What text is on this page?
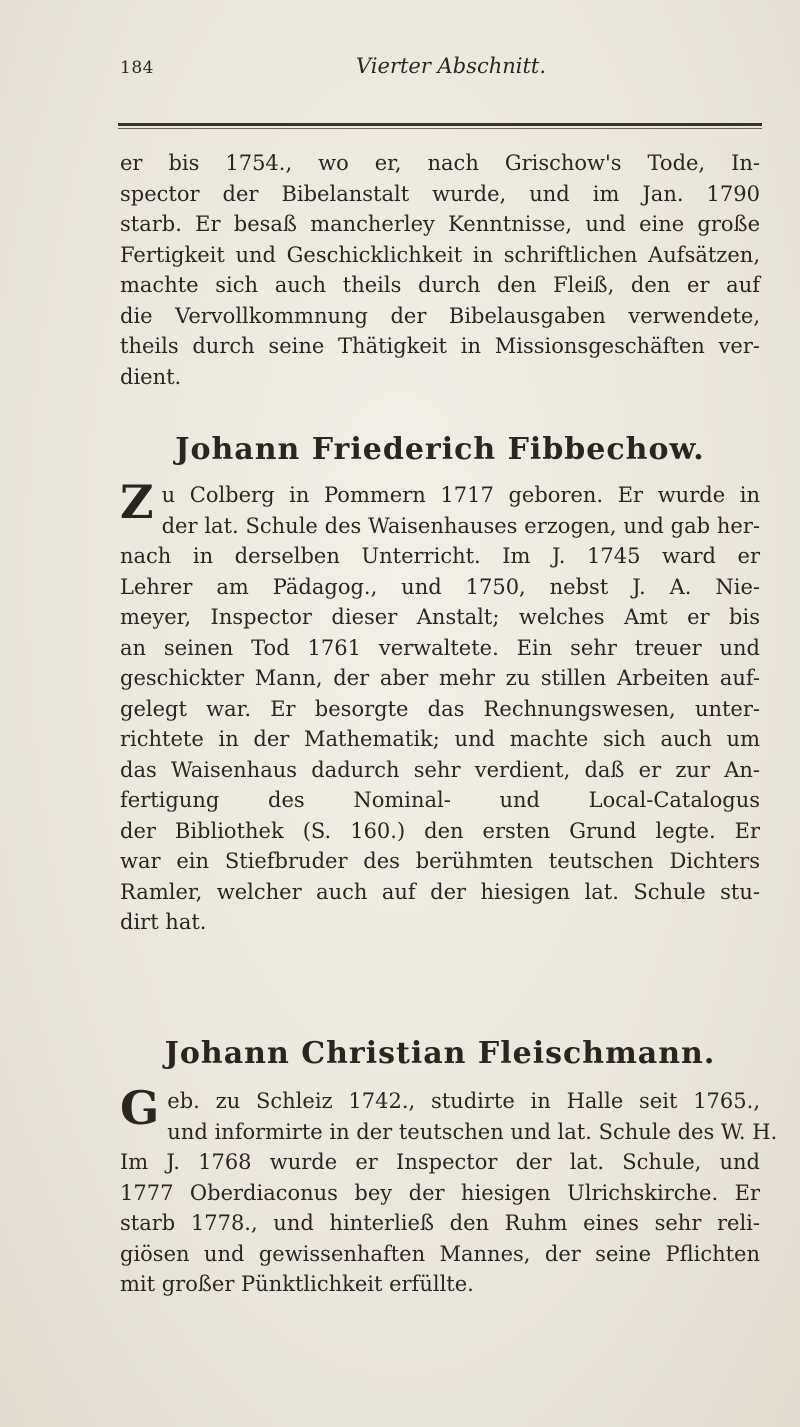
184	Vierter Abschnitt.
er bis 1754., wo er, nach Grischow's Tode, In-
spector der Bibelanstalt wurde, und im Jan. 1790
starb. Er besaß mancherley Kenntnisse, und eine große
Fertigkeit und Geschicklichkeit in schriftlichen Aufsätzen,
machte sich auch theils durch den Fleiß, den er auf
die Vervollkommnung der Bibelausgaben verwendete,
theils durch seine Thätigkeit in Missionsgeschäften ver-
dient.
Johann Friederich Fibbechow.
Z u Colberg in Pommern 1717 geboren. Er wurde in
der lat. Schule des Waisenhauses erzogen, und gab her-
nach in derselben Unterricht. Im J. 1745 ward er
Lehrer am Pädagog., und 1750, nebst J. A. Nie-
meyer, Inspector dieser Anstalt; welches Amt er bis
an seinen Tod 1761 verwaltete. Ein sehr treuer und
geschickter Mann, der aber mehr zu stillen Arbeiten auf-
gelegt war. Er besorgte das Rechnungswesen, unter-
richtete in der Mathematik; und machte sich auch um
das Waisenhaus dadurch sehr verdient, daß er zur An-
fertigung des Nominal- und Local-Catalogus
der Bibliothek (S. 160.) den ersten Grund legte. Er
war ein Stiefbruder des berühmten teutschen Dichters
Ramler, welcher auch auf der hiesigen lat. Schule stu-
dirt hat.
Johann Christian Fleischmann.
G eb. zu Schleiz 1742., studirte in Halle seit 1765.,
und informirte in der teutschen und lat. Schule des W. H.
Im J. 1768 wurde er Inspector der lat. Schule, und
1777 Oberdiaconus bey der hiesigen Ulrichskirche. Er
starb 1778., und hinterließ den Ruhm eines sehr reli-
giösen und gewissenhaften Mannes, der seine Pflichten
mit großer Pünktlichkeit erfüllte.
